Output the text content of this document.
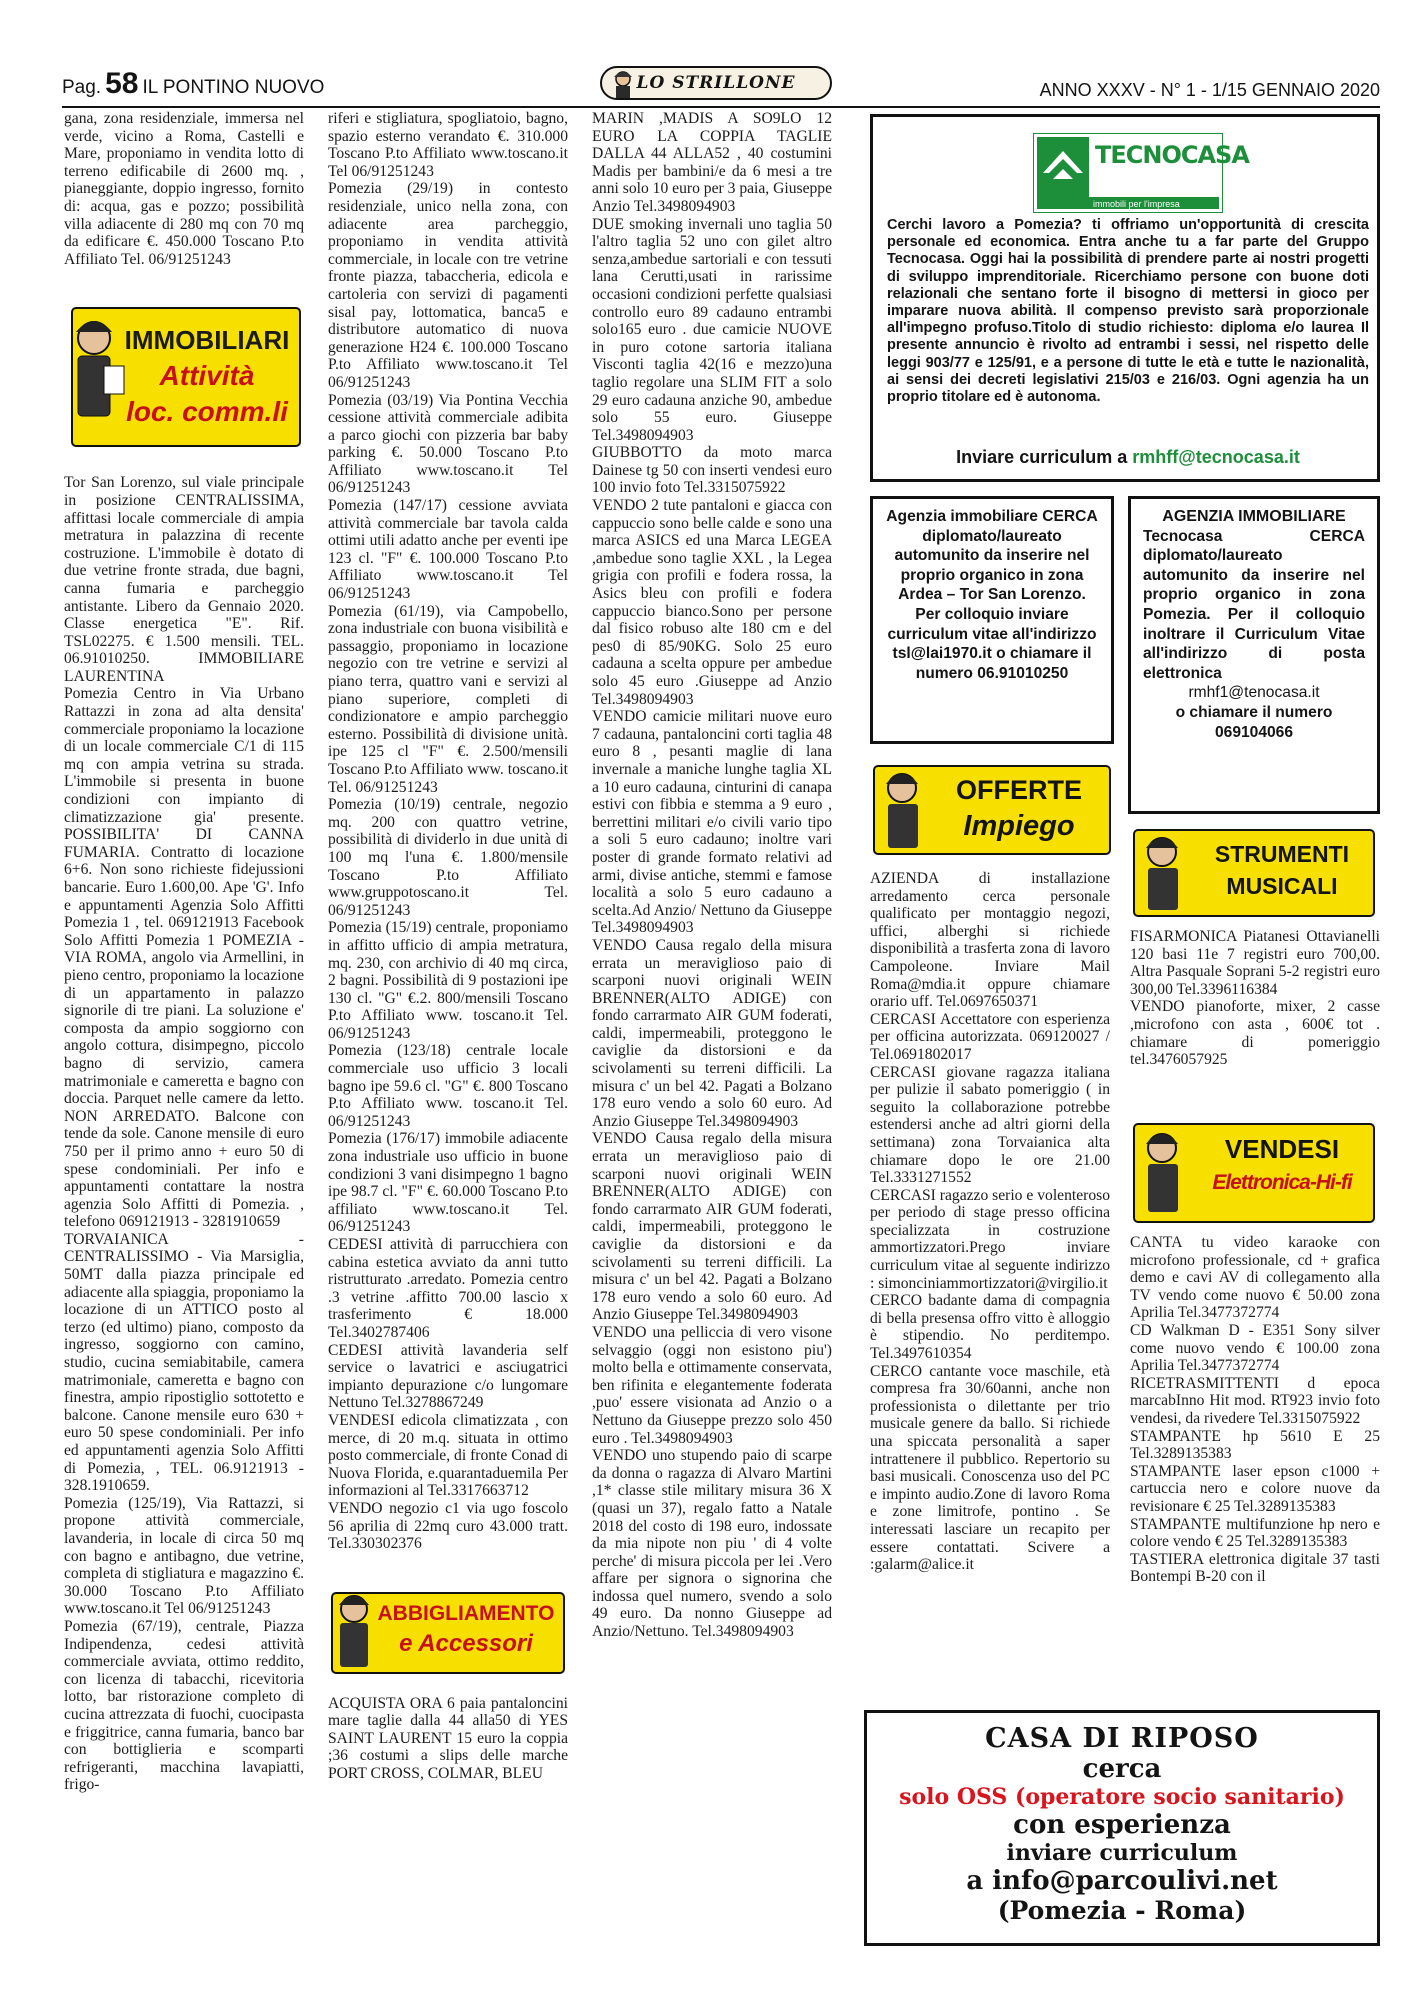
Pag. 58 IL PONTINO NUOVO	ANNO XXXV - N° 1 - 1/15 GENNAIO 2020
LO STRILLONE

gana, zona residenziale, immersa nel verde, vicino a Roma, Castelli e Mare, proponiamo in vendita lotto di terreno edificabile di 2600 mq. , pianeggiante, doppio ingresso, fornito di: acqua, gas e pozzo; possibilità villa adiacente di 280 mq con 70 mq da edificare €. 450.000 Toscano P.to Affiliato Tel. 06/91251243

IMMOBILIARI
Attività
loc. comm.li

Tor San Lorenzo, sul viale principale in posizione CENTRALISSIMA, affittasi locale commerciale di ampia metratura in palazzina di recente costruzione. L'immobile è dotato di due vetrine fronte strada, due bagni, canna fumaria e parcheggio antistante. Libero da Gennaio 2020. Classe energetica "E". Rif. TSL02275. € 1.500 mensili. TEL. 06.91010250. IMMOBILIARE LAURENTINA

Pomezia Centro in Via Urbano Rattazzi in zona ad alta densita' commerciale proponiamo la locazione di un locale commerciale C/1 di 115 mq con ampia vetrina su strada. L'immobile si presenta in buone condizioni con impianto di climatizzazione gia' presente. POSSIBILITA' DI CANNA FUMARIA. Contratto di locazione 6+6. Non sono richieste fidejussioni bancarie. Euro 1.600,00. Ape 'G'. Info e appuntamenti Agenzia Solo Affitti Pomezia 1 , tel. 069121913 Facebook Solo Affitti Pomezia 1 POMEZIA - VIA ROMA, angolo via Armellini, in pieno centro, proponiamo la locazione di un appartamento in palazzo signorile di tre piani. La soluzione e' composta da ampio soggiorno con angolo cottura, disimpegno, piccolo bagno di servizio, camera matrimoniale e cameretta e bagno con doccia. Parquet nelle camere da letto. NON ARREDATO. Balcone con tende da sole. Canone mensile di euro 750 per il primo anno + euro 50 di spese condominiali. Per info e appuntamenti contattare la nostra agenzia Solo Affitti di Pomezia. , telefono 069121913 - 3281910659

TORVAIANICA - CENTRALISSIMO - Via Marsiglia, 50MT dalla piazza principale ed adiacente alla spiaggia, proponiamo la locazione di un ATTICO posto al terzo (ed ultimo) piano, composto da ingresso, soggiorno con camino, studio, cucina semiabitabile, camera matrimoniale, cameretta e bagno con finestra, ampio ripostiglio sottotetto e balcone. Canone mensile euro 630 + euro 50 spese condominiali. Per info ed appuntamenti agenzia Solo Affitti di Pomezia, , TEL. 06.9121913 - 328.1910659.

Pomezia (125/19), Via Rattazzi, si propone attività commerciale, lavanderia, in locale di circa 50 mq con bagno e antibagno, due vetrine, completa di stigliatura e magazzino €. 30.000 Toscano P.to Affiliato www.toscano.it Tel 06/91251243

Pomezia (67/19), centrale, Piazza Indipendenza, cedesi attività commerciale avviata, ottimo reddito, con licenza di tabacchi, ricevitoria lotto, bar ristorazione completo di cucina attrezzata di fuochi, cuocipasta e friggitrice, canna fumaria, banco bar con bottiglieria e scomparti refrigeranti, macchina lavapiatti, frigo-

riferi e stigliatura, spogliatoio, bagno, spazio esterno verandato €. 310.000 Toscano P.to Affiliato www.toscano.it Tel 06/91251243

Pomezia (29/19) in contesto residenziale, unico nella zona, con adiacente area parcheggio, proponiamo in vendita attività commerciale, in locale con tre vetrine fronte piazza, tabaccheria, edicola e cartoleria con servizi di pagamenti sisal pay, lottomatica, banca5 e distributore automatico di nuova generazione H24 €. 100.000 Toscano P.to Affiliato www.toscano.it Tel 06/91251243

Pomezia (03/19) Via Pontina Vecchia cessione attività commerciale adibita a parco giochi con pizzeria bar baby parking €. 50.000 Toscano P.to Affiliato www.toscano.it Tel 06/91251243

Pomezia (147/17) cessione avviata attività commerciale bar tavola calda ottimi utili adatto anche per eventi ipe 123 cl. "F" €. 100.000 Toscano P.to Affiliato www.toscano.it Tel 06/91251243

Pomezia (61/19), via Campobello, zona industriale con buona visibilità e passaggio, proponiamo in locazione negozio con tre vetrine e servizi al piano terra, quattro vani e servizi al piano superiore, completi di condizionatore e ampio parcheggio esterno. Possibilità di divisione unità. ipe 125 cl "F" €. 2.500/mensili Toscano P.to Affiliato www. toscano.it Tel. 06/91251243

Pomezia (10/19) centrale, negozio mq. 200 con quattro vetrine, possibilità di dividerlo in due unità di 100 mq l'una €. 1.800/mensile Toscano P.to Affiliato www.gruppotoscano.it Tel. 06/91251243

Pomezia (15/19) centrale, proponiamo in affitto ufficio di ampia metratura, mq. 230, con archivio di 40 mq circa, 2 bagni. Possibilità di 9 postazioni ipe 130 cl. "G" €.2. 800/mensili Toscano P.to Affiliato www. toscano.it Tel. 06/91251243

Pomezia (123/18) centrale locale commerciale uso ufficio 3 locali bagno ipe 59.6 cl. "G" €. 800 Toscano P.to Affiliato www. toscano.it Tel. 06/91251243

Pomezia (176/17) immobile adiacente zona industriale uso ufficio in buone condizioni 3 vani disimpegno 1 bagno ipe 98.7 cl. "F" €. 60.000 Toscano P.to affiliato www.toscano.it Tel. 06/91251243

CEDESI attività di parrucchiera con cabina estetica avviato da anni tutto ristrutturato .arredato. Pomezia centro .3 vetrine .affitto 700.00 lascio x trasferimento € 18.000 Tel.3402787406

CEDESI attività lavanderia self service o lavatrici e asciugatrici impianto depurazione c/o lungomare Nettuno Tel.3278867249

VENDESI edicola climatizzata , con merce, di 20 m.q. situata in ottimo posto commerciale, di fronte Conad di Nuova Florida, e.quarantaduemila Per informazioni al Tel.3317663712

VENDO negozio c1 via ugo foscolo 56 aprilia di 22mq curo 43.000 tratt. Tel.330302376

ABBIGLIAMENTO
e Accessori

ACQUISTA ORA 6 paia pantaloncini mare taglie dalla 44 alla50 di YES SAINT LAURENT 15 euro la coppia ;36 costumi a slips delle marche PORT CROSS, COLMAR, BLEU

MARIN ,MADIS A SO9LO 12 EURO LA COPPIA TAGLIE DALLA 44 ALLA52 , 40 costumini Madis per bambini/e da 6 mesi a tre anni solo 10 euro per 3 paia, Giuseppe Anzio Tel.3498094903

DUE smoking invernali uno taglia 50 l'altro taglia 52 uno con gilet altro senza,ambedue sartoriali e con tessuti lana Cerutti,usati in rarissime occasioni condizioni perfette qualsiasi controllo euro 89 cadauno entrambi solo165 euro . due camicie NUOVE in puro cotone sartoria italiana Visconti taglia 42(16 e mezzo)una taglio regolare una SLIM FIT a solo 29 euro cadauna anziche 90, ambedue solo 55 euro. Giuseppe Tel.3498094903

GIUBBOTTO da moto marca Dainese tg 50 con inserti vendesi euro 100 invio foto Tel.3315075922

VENDO 2 tute pantaloni e giacca con cappuccio sono belle calde e sono una marca ASICS ed una Marca LEGEA ,ambedue sono taglie XXL , la Legea grigia con profili e fodera rossa, la Asics bleu con profili e fodera cappuccio bianco.Sono per persone dal fisico robuso alte 180 cm e del pes0 di 85/90KG. Solo 25 euro cadauna a scelta oppure per ambedue solo 45 euro .Giuseppe ad Anzio Tel.3498094903

VENDO camicie militari nuove euro 7 cadauna, pantaloncini corti taglia 48 euro 8 , pesanti maglie di lana invernale a maniche lunghe taglia XL a 10 euro cadauna, cinturini di canapa estivi con fibbia e stemma a 9 euro , berrettini militari e/o civili vario tipo a soli 5 euro cadauno; inoltre vari poster di grande formato relativi ad armi, divise antiche, stemmi e famose località a solo 5 euro cadauno a scelta.Ad Anzio/ Nettuno da Giuseppe Tel.3498094903

VENDO Causa regalo della misura errata un meraviglioso paio di scarponi nuovi originali WEIN BRENNER(ALTO ADIGE) con fondo carrarmato AIR GUM foderati, caldi, impermeabili, proteggono le caviglie da distorsioni e da scivolamenti su terreni difficili. La misura c' un bel 42. Pagati a Bolzano 178 euro vendo a solo 60 euro. Ad Anzio Giuseppe Tel.3498094903

VENDO Causa regalo della misura errata un meraviglioso paio di scarponi nuovi originali WEIN BRENNER(ALTO ADIGE) con fondo carrarmato AIR GUM foderati, caldi, impermeabili, proteggono le caviglie da distorsioni e da scivolamenti su terreni difficili. La misura c' un bel 42. Pagati a Bolzano 178 euro vendo a solo 60 euro. Ad Anzio Giuseppe Tel.3498094903

VENDO una pelliccia di vero visone selvaggio (oggi non esistono piu') molto bella e ottimamente conservata, ben rifinita e elegantemente foderata ,puo' essere visionata ad Anzio o a Nettuno da Giuseppe prezzo solo 450 euro . Tel.3498094903

VENDO uno stupendo paio di scarpe da donna o ragazza di Alvaro Martini ,1* classe stile military misura 36 X (quasi un 37), regalo fatto a Natale 2018 del costo di 198 euro, indossate da mia nipote non piu ' di 4 volte perche' di misura piccola per lei .Vero affare per signora o signorina che indossa quel numero, svendo a solo 49 euro. Da nonno Giuseppe ad Anzio/Nettuno. Tel.3498094903

TECNOCASA
immobili per l'impresa
Cerchi lavoro a Pomezia? ti offriamo un'opportunità di crescita personale ed economica. Entra anche tu a far parte del Gruppo Tecnocasa. Oggi hai la possibilità di prendere parte ai nostri progetti di sviluppo imprenditoriale. Ricerchiamo persone con buone doti relazionali che sentano forte il bisogno di mettersi in gioco per imparare nuova abilità. Il compenso previsto sarà proporzionale all'impegno profuso.Titolo di studio richiesto: diploma e/o laurea Il presente annuncio è rivolto ad entrambi i sessi, nel rispetto delle leggi 903/77 e 125/91, e a persone di tutte le età e tutte le nazionalità, ai sensi dei decreti legislativi 215/03 e 216/03. Ogni agenzia ha un proprio titolare ed è autonoma.
Inviare curriculum a rmhff@tecnocasa.it
Agenzia immobiliare CERCA diplomato/laureato automunito da inserire nel proprio organico in zona Ardea – Tor San Lorenzo. Per colloquio inviare curriculum vitae all'indirizzo tsl@lai1970.it o chiamare il numero 06.91010250
AGENZIA IMMOBILIARE
Tecnocasa CERCA diplomato/laureato automunito da inserire nel proprio organico in zona Pomezia. Per il colloquio inoltrare il Curriculum Vitae all'indirizzo di posta elettronica
rmhf1@tenocasa.it
o chiamare il numero
069104066
OFFERTE
Impiego

AZIENDA di installazione arredamento cerca personale qualificato per montaggio negozi, uffici, alberghi si richiede disponibilità a trasferta zona di lavoro Campoleone. Inviare Mail Roma@mdia.it oppure chiamare orario uff. Tel.0697650371

CERCASI Accettatore con esperienza per officina autorizzata. 069120027 / Tel.0691802017

CERCASI giovane ragazza italiana per pulizie il sabato pomeriggio ( in seguito la collaborazione potrebbe estendersi anche ad altri giorni della settimana) zona Torvaianica alta chiamare dopo le ore 21.00 Tel.3331271552

CERCASI ragazzo serio e volenteroso per periodo di stage presso officina specializzata in costruzione ammortizzatori.Prego inviare curriculum vitae al seguente indirizzo : simonciniammortizzatori@virgilio.it

CERCO badante dama di compagnia di bella presensa offro vitto è alloggio è stipendio. No perditempo. Tel.3497610354

CERCO cantante voce maschile, età compresa fra 30/60anni, anche non professionista o dilettante per trio musicale genere da ballo. Si richiede una spiccata personalità a saper intrattenere il pubblico. Repertorio su basi musicali. Conoscenza uso del PC e impinto audio.Zone di lavoro Roma e zone limitrofe, pontino . Se interessati lasciare un recapito per essere contattati. Scivere a :galarm@alice.it

STRUMENTI
MUSICALI

FISARMONICA Piatanesi Ottavianelli 120 basi 11e 7 registri euro 700,00. Altra Pasquale Soprani 5-2 registri euro 300,00 Tel.3396116384

VENDO pianoforte, mixer, 2 casse ,microfono con asta , 600€ tot . chiamare di pomeriggio tel.3476057925

VENDESI
Elettronica-Hi-fi

CANTA tu video karaoke con microfono professionale, cd + grafica demo e cavi AV di collegamento alla TV vendo come nuovo € 50.00 zona Aprilia Tel.3477372774

CD Walkman D - E351 Sony silver come nuovo vendo € 100.00 zona Aprilia Tel.3477372774

RICETRASMITTENTI d epoca marcabInno Hit mod. RT923 invio foto vendesi, da rivedere Tel.3315075922

STAMPANTE hp 5610 E 25 Tel.3289135383

STAMPANTE laser epson c1000 + cartuccia nero e colore nuove da revisionare € 25 Tel.3289135383

STAMPANTE multifunzione hp nero e colore vendo € 25 Tel.3289135383

TASTIERA elettronica digitale 37 tasti Bontempi B-20 con il

CASA DI RIPOSO
cerca
solo OSS (operatore socio sanitario)
con esperienza
inviare curriculum
a info@parcoulivi.net
(Pomezia - Roma)
